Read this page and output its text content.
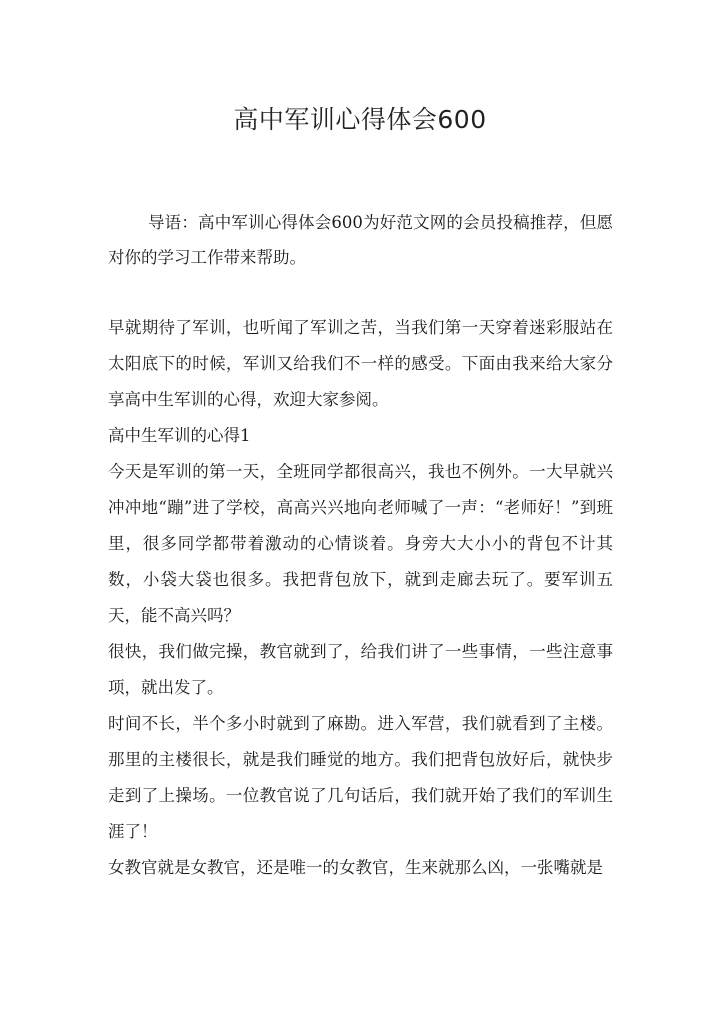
高中军训心得体会600
导语：高中军训心得体会600为好范文网的会员投稿推荐，但愿对你的学习工作带来帮助。

早就期待了军训，也听闻了军训之苦，当我们第一天穿着迷彩服站在太阳底下的时候，军训又给我们不一样的感受。下面由我来给大家分享高中生军训的心得，欢迎大家参阅。

高中生军训的心得1

今天是军训的第一天，全班同学都很高兴，我也不例外。一大早就兴冲冲地“蹦”进了学校，高高兴兴地向老师喊了一声：“老师好！”到班里，很多同学都带着激动的心情谈着。身旁大大小小的背包不计其数，小袋大袋也很多。我把背包放下，就到走廊去玩了。要军训五天，能不高兴吗？

很快，我们做完操，教官就到了，给我们讲了一些事情，一些注意事项，就出发了。

时间不长，半个多小时就到了麻勘。进入军营，我们就看到了主楼。那里的主楼很长，就是我们睡觉的地方。我们把背包放好后，就快步走到了上操场。一位教官说了几句话后，我们就开始了我们的军训生涯了！

女教官就是女教官，还是唯一的女教官，生来就那么凶，一张嘴就是
